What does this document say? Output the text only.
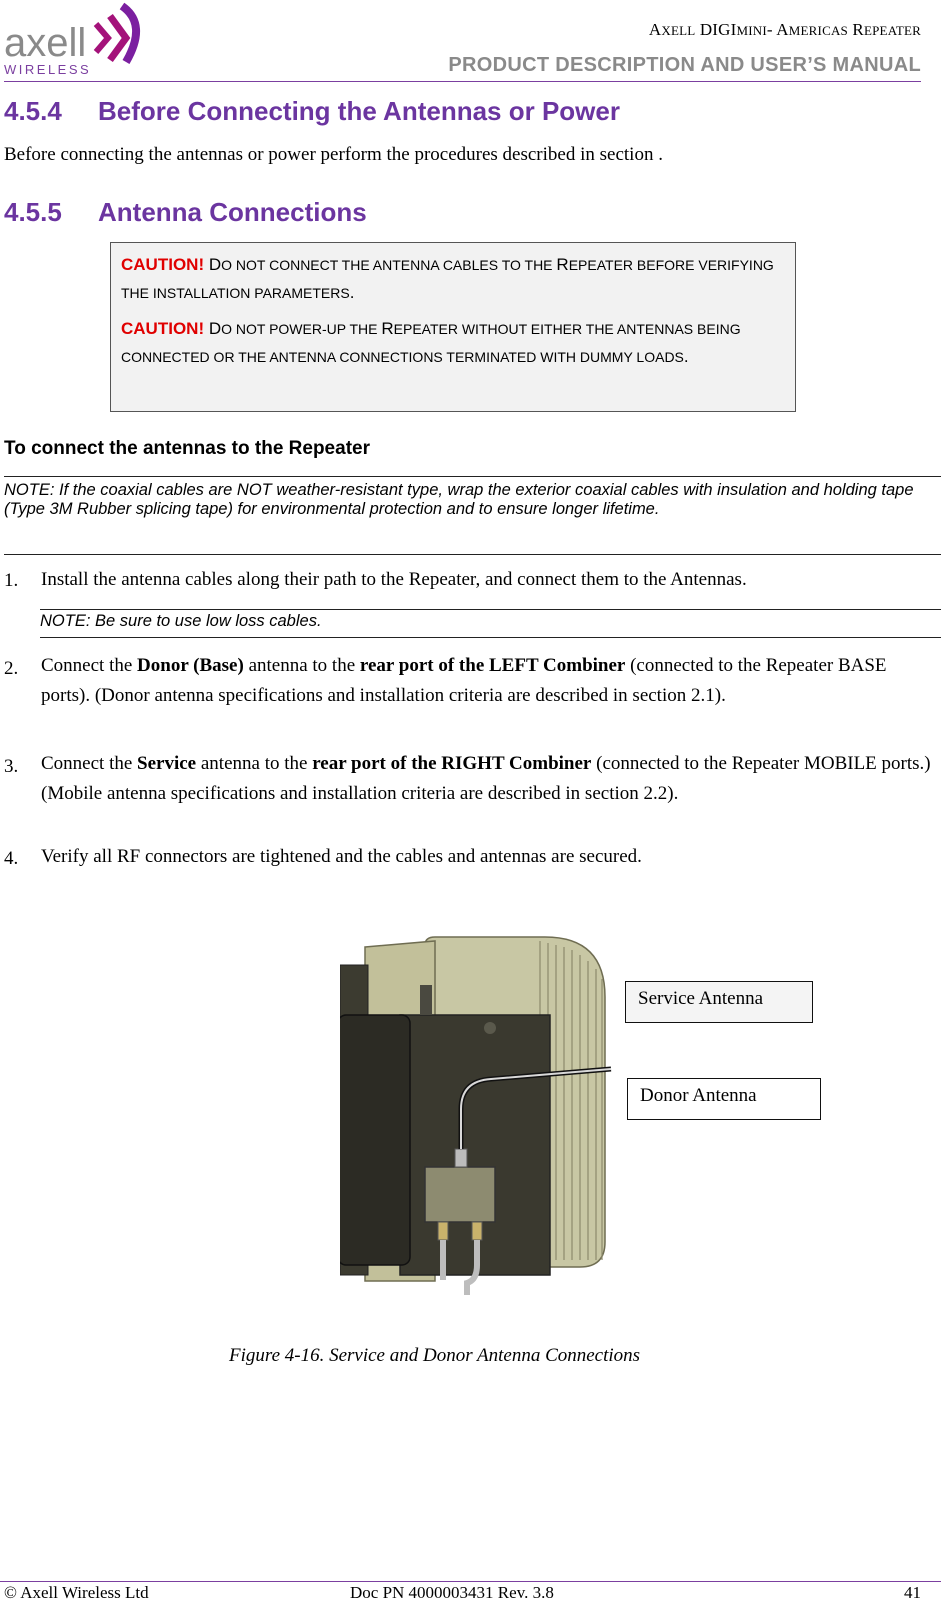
axell
WIRELESS
AXELL DIGIMINI- AMERICAS REPEATER
PRODUCT DESCRIPTION AND USER’S MANUAL
4.5.4 Before Connecting the Antennas or Power
Before connecting the antennas or power perform the procedures described in section .
4.5.5 Antenna Connections

CAUTION! DO NOT CONNECT THE ANTENNA CABLES TO THE REPEATER BEFORE VERIFYING THE INSTALLATION PARAMETERS.

CAUTION! DO NOT POWER-UP THE REPEATER WITHOUT EITHER THE ANTENNAS BEING CONNECTED OR THE ANTENNA CONNECTIONS TERMINATED WITH DUMMY LOADS.

To connect the antennas to the Repeater
NOTE: If the coaxial cables are NOT weather-resistant type, wrap the exterior coaxial cables with insulation and holding tape (Type 3M Rubber splicing tape) for environmental protection and to ensure longer lifetime.
1. Install the antenna cables along their path to the Repeater, and connect them to the Antennas.
NOTE: Be sure to use low loss cables.
2. Connect the Donor (Base) antenna to the rear port of the LEFT Combiner (connected to the Repeater BASE ports). (Donor antenna specifications and installation criteria are described in section 2.1).
3. Connect the Service antenna to the rear port of the RIGHT Combiner (connected to the Repeater MOBILE ports.) (Mobile antenna specifications and installation criteria are described in section 2.2).
4. Verify all RF connectors are tightened and the cables and antennas are secured.
Service Antenna
Donor Antenna
Figure 4-16. Service and Donor Antenna Connections
© Axell Wireless Ltd	Doc PN 4000003431 Rev. 3.8	41
